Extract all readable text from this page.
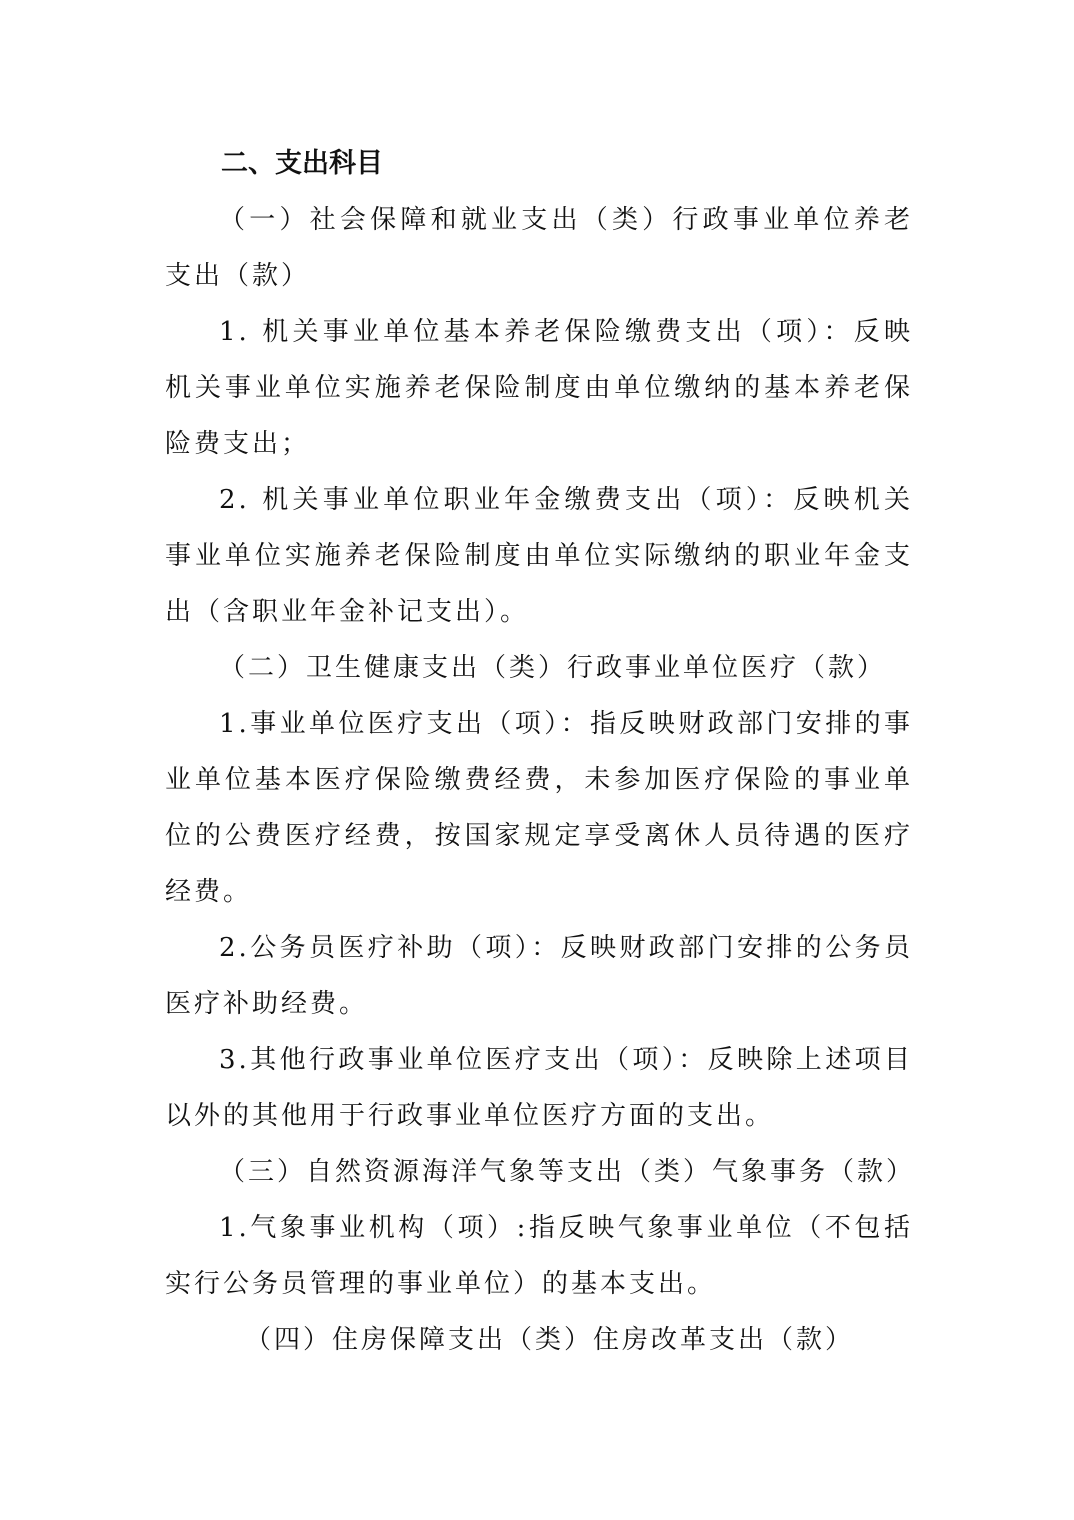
二、支出科目

（一）社会保障和就业支出（类）行政事业单位养老支出（款）

1. 机关事业单位基本养老保险缴费支出（项）：反映机关事业单位实施养老保险制度由单位缴纳的基本养老保险费支出；

2. 机关事业单位职业年金缴费支出（项）：反映机关事业单位实施养老保险制度由单位实际缴纳的职业年金支出（含职业年金补记支出）。

（二）卫生健康支出（类）行政事业单位医疗（款）

1.事业单位医疗支出（项）：指反映财政部门安排的事业单位基本医疗保险缴费经费，未参加医疗保险的事业单位的公费医疗经费，按国家规定享受离休人员待遇的医疗经费。

2.公务员医疗补助（项）：反映财政部门安排的公务员医疗补助经费。

3.其他行政事业单位医疗支出（项）：反映除上述项目以外的其他用于行政事业单位医疗方面的支出。

（三）自然资源海洋气象等支出（类）气象事务（款）

1.气象事业机构（项）:指反映气象事业单位（不包括实行公务员管理的事业单位）的基本支出。

（四）住房保障支出（类）住房改革支出（款）
